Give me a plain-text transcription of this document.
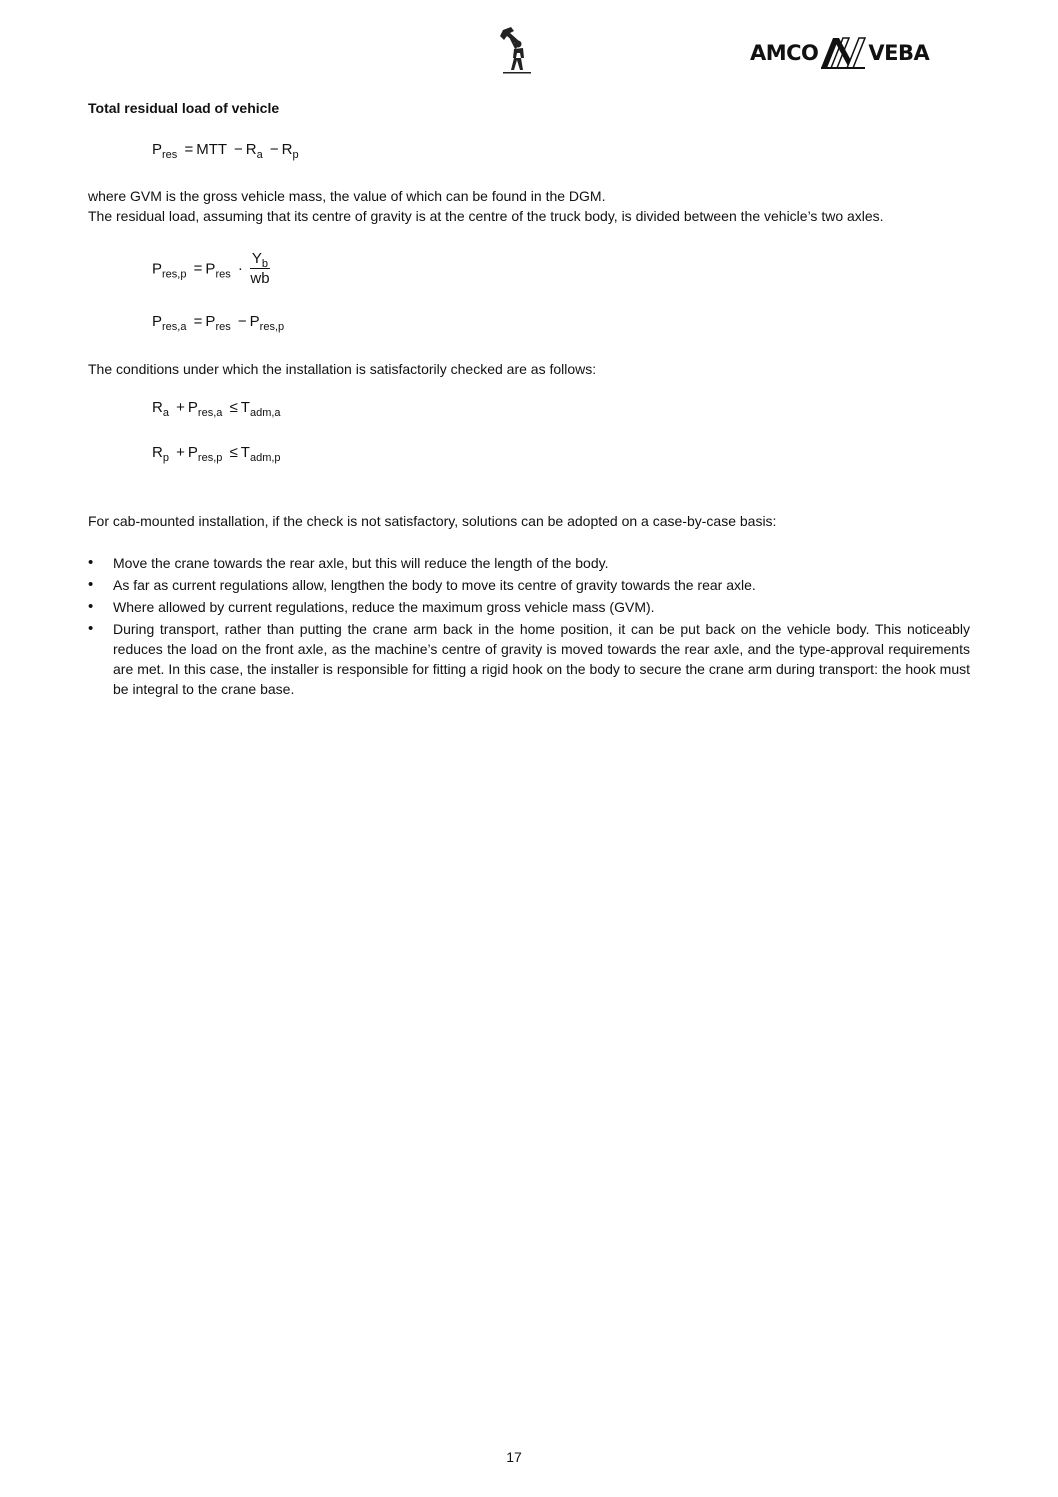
AMCO VEBA
Total residual load of vehicle
$P_{res}$ = MTT − $R_a - R_p$
where GVM is the gross vehicle mass, the value of which can be found in the DGM.
The residual load, assuming that its centre of gravity is at the centre of the truck body, is divided between the vehicle’s two axles.
$P_{res,p} = P_{res} \cdot \frac{Y_b}{wb}$
$P_{res,a} = P_{res} - P_{res,p}$
The conditions under which the installation is satisfactorily checked are as follows:
$R_a + P_{res,a} \le T_{adm,a}$
$R_p + P_{res,p} \le T_{adm,p}$
For cab-mounted installation, if the check is not satisfactory, solutions can be adopted on a case-by-case basis:
• Move the crane towards the rear axle, but this will reduce the length of the body.
• As far as current regulations allow, lengthen the body to move its centre of gravity towards the rear axle.
• Where allowed by current regulations, reduce the maximum gross vehicle mass (GVM).
• During transport, rather than putting the crane arm back in the home position, it can be put back on the vehicle body. This noticeably reduces the load on the front axle, as the machine’s centre of gravity is moved towards the rear axle, and the type-approval requirements are met. In this case, the installer is responsible for fitting a rigid hook on the body to secure the crane arm during transport: the hook must be integral to the crane base.
17
